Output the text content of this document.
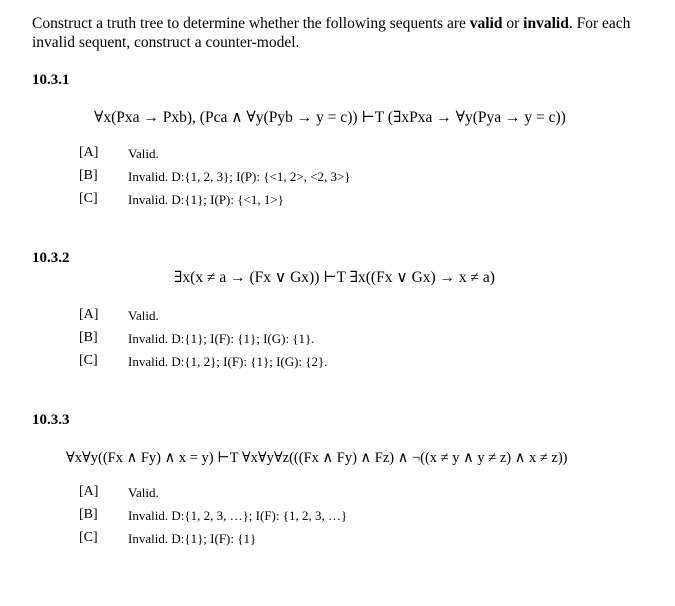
Construct a truth tree to determine whether the following sequents are valid or invalid. For each invalid sequent, construct a counter-model.
10.3.1
∀x(Pxa → Pxb), (Pca ∧ ∀y(Pyb → y = c)) ⊢T (∃xPxa → ∀y(Pya → y = c))
[A] Valid.
[B] Invalid. D:{1, 2, 3}; I(P): {<1, 2>, <2, 3>}
[C] Invalid. D:{1}; I(P): {<1, 1>}
10.3.2
∃x(x ≠ a → (Fx ∨ Gx)) ⊢T ∃x((Fx ∨ Gx) → x ≠ a)
[A] Valid.
[B] Invalid. D:{1}; I(F): {1}; I(G): {1}.
[C] Invalid. D:{1, 2}; I(F): {1}; I(G): {2}.
10.3.3
∀x∀y((Fx ∧ Fy) ∧ x = y) ⊢T ∀x∀y∀z(((Fx ∧ Fy) ∧ Fz) ∧ ¬((x ≠ y ∧ y ≠ z) ∧ x ≠ z))
[A] Valid.
[B] Invalid. D:{1, 2, 3, …}; I(F): {1, 2, 3, …}
[C] Invalid. D:{1}; I(F): {1}
